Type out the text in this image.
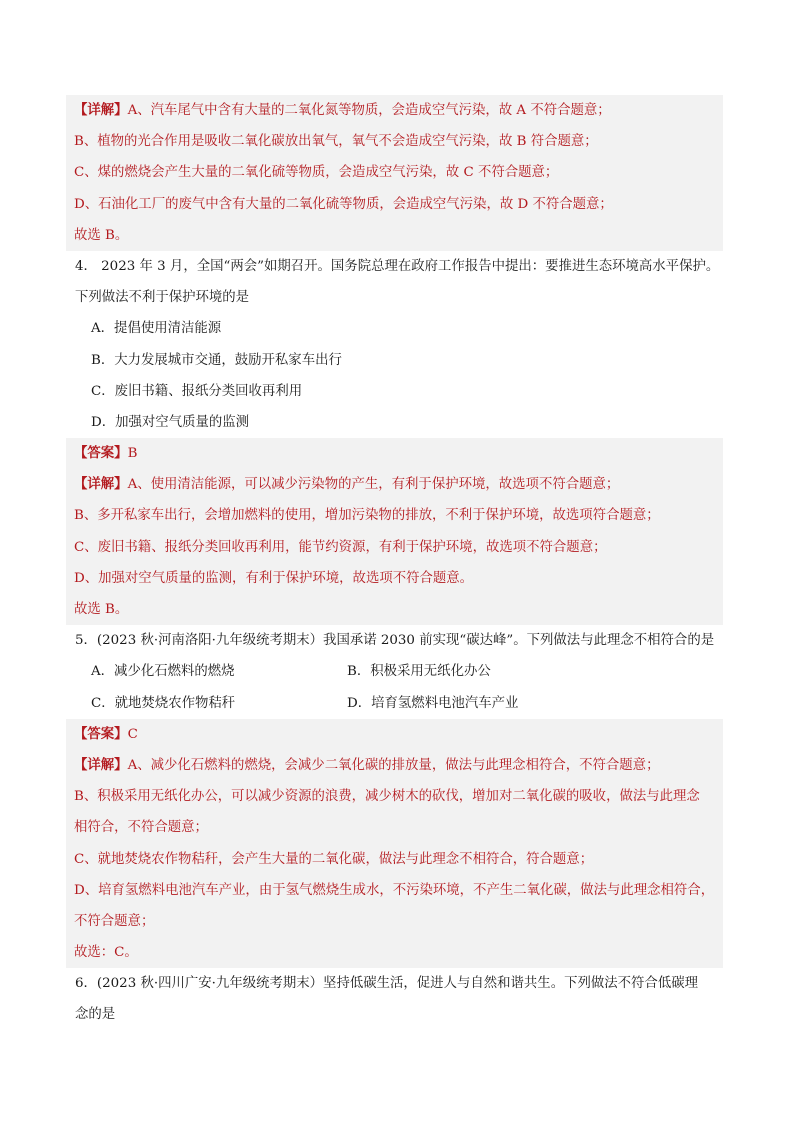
【详解】A、汽车尾气中含有大量的二氧化氮等物质，会造成空气污染，故 A 不符合题意；
B、植物的光合作用是吸收二氧化碳放出氧气，氧气不会造成空气污染，故 B 符合题意；
C、煤的燃烧会产生大量的二氧化硫等物质，会造成空气污染，故 C 不符合题意；
D、石油化工厂的废气中含有大量的二氧化硫等物质，会造成空气污染，故 D 不符合题意；
故选 B。
4． 2023 年 3 月，全国“两会”如期召开。国务院总理在政府工作报告中提出：要推进生态环境高水平保护。
下列做法不利于保护环境的是
A．提倡使用清洁能源
B．大力发展城市交通，鼓励开私家车出行
C．废旧书籍、报纸分类回收再利用
D．加强对空气质量的监测
【答案】B
【详解】A、使用清洁能源，可以减少污染物的产生，有利于保护环境，故选项不符合题意；
B、多开私家车出行，会增加燃料的使用，增加污染物的排放，不利于保护环境，故选项符合题意；
C、废旧书籍、报纸分类回收再利用，能节约资源，有利于保护环境，故选项不符合题意；
D、加强对空气质量的监测，有利于保护环境，故选项不符合题意。
故选 B。
5．(2023 秋·河南洛阳·九年级统考期末）我国承诺 2030 前实现“碳达峰”。下列做法与此理念不相符合的是
A．减少化石燃料的燃烧	B．积极采用无纸化办公
C．就地焚烧农作物秸秆	D．培育氢燃料电池汽车产业
【答案】C
【详解】A、减少化石燃料的燃烧，会减少二氧化碳的排放量，做法与此理念相符合，不符合题意；
B、积极采用无纸化办公，可以减少资源的浪费，减少树木的砍伐，增加对二氧化碳的吸收，做法与此理念
相符合，不符合题意；
C、就地焚烧农作物秸秆，会产生大量的二氧化碳，做法与此理念不相符合，符合题意；
D、培育氢燃料电池汽车产业，由于氢气燃烧生成水，不污染环境，不产生二氧化碳，做法与此理念相符合，
不符合题意；
故选：C。
6．(2023 秋·四川广安·九年级统考期末）坚持低碳生活，促进人与自然和谐共生。下列做法不符合低碳理
念的是
